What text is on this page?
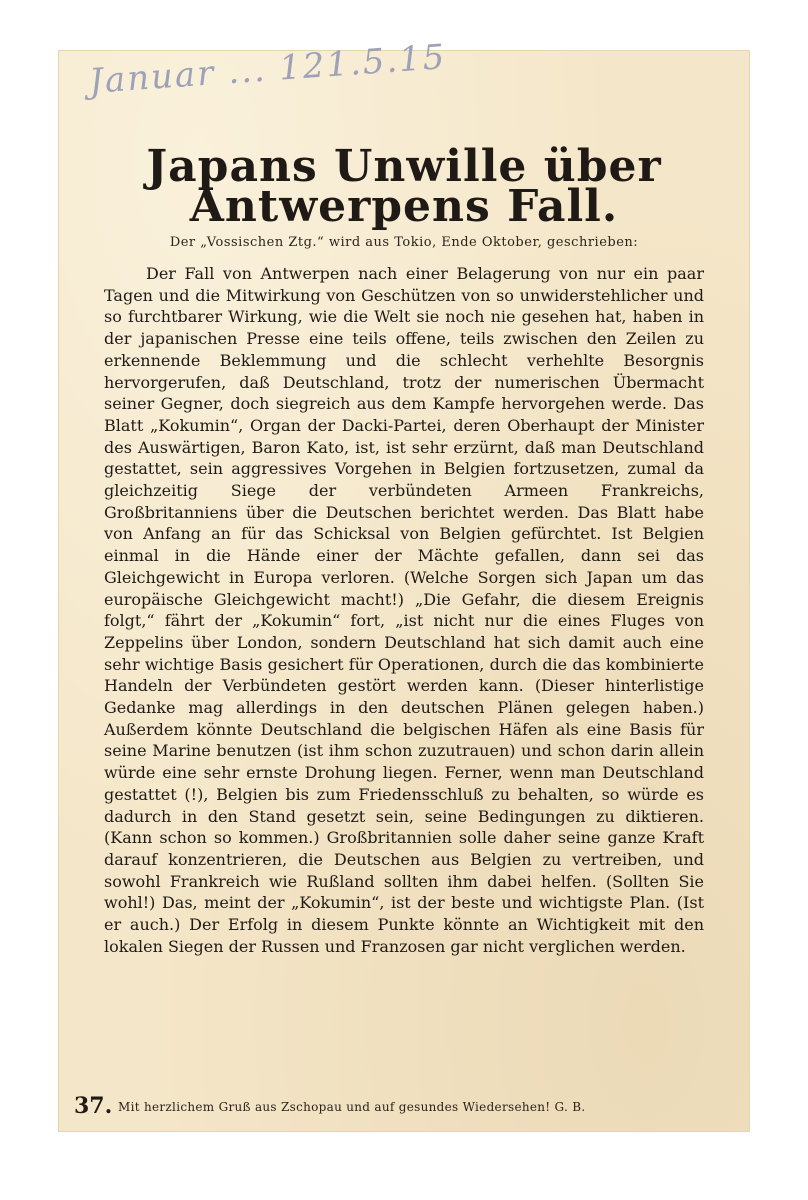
Januar ... 121.5.15
Japans Unwille über
Antwerpens Fall.
Der „Vossischen Ztg.“ wird aus Tokio, Ende Oktober, geschrieben:

Der Fall von Antwerpen nach einer Belagerung von nur ein paar Tagen und die Mitwirkung von Geschützen von so unwiderstehlicher und so furchtbarer Wirkung, wie die Welt sie noch nie gesehen hat, haben in der japanischen Presse eine teils offene, teils zwischen den Zeilen zu erkennende Beklemmung und die schlecht verhehlte Besorgnis hervorgerufen, daß Deutschland, trotz der numerischen Übermacht seiner Gegner, doch siegreich aus dem Kampfe hervorgehen werde. Das Blatt „Kokumin“, Organ der Dacki-Partei, deren Oberhaupt der Minister des Auswärtigen, Baron Kato, ist, ist sehr erzürnt, daß man Deutschland gestattet, sein aggressives Vorgehen in Belgien fortzusetzen, zumal da gleichzeitig Siege der verbündeten Armeen Frankreichs, Großbritanniens über die Deutschen berichtet werden. Das Blatt habe von Anfang an für das Schicksal von Belgien gefürchtet. Ist Belgien einmal in die Hände einer der Mächte gefallen, dann sei das Gleichgewicht in Europa verloren. (Welche Sorgen sich Japan um das europäische Gleichgewicht macht!) „Die Gefahr, die diesem Ereignis folgt,“ fährt der „Kokumin“ fort, „ist nicht nur die eines Fluges von Zeppelins über London, sondern Deutschland hat sich damit auch eine sehr wichtige Basis gesichert für Operationen, durch die das kombinierte Handeln der Verbündeten gestört werden kann. (Dieser hinterlistige Gedanke mag allerdings in den deutschen Plänen gelegen haben.) Außerdem könnte Deutschland die belgischen Häfen als eine Basis für seine Marine benutzen (ist ihm schon zuzutrauen) und schon darin allein würde eine sehr ernste Drohung liegen. Ferner, wenn man Deutschland gestattet (!), Belgien bis zum Friedensschluß zu behalten, so würde es dadurch in den Stand gesetzt sein, seine Bedingungen zu diktieren. (Kann schon so kommen.) Großbritannien solle daher seine ganze Kraft darauf konzentrieren, die Deutschen aus Belgien zu vertreiben, und sowohl Frankreich wie Rußland sollten ihm dabei helfen. (Sollten Sie wohl!) Das, meint der „Kokumin“, ist der beste und wichtigste Plan. (Ist er auch.) Der Erfolg in diesem Punkte könnte an Wichtigkeit mit den lokalen Siegen der Russen und Franzosen gar nicht verglichen werden.

37. Mit herzlichem Gruß aus Zschopau und auf gesundes Wiedersehen! G. B.
